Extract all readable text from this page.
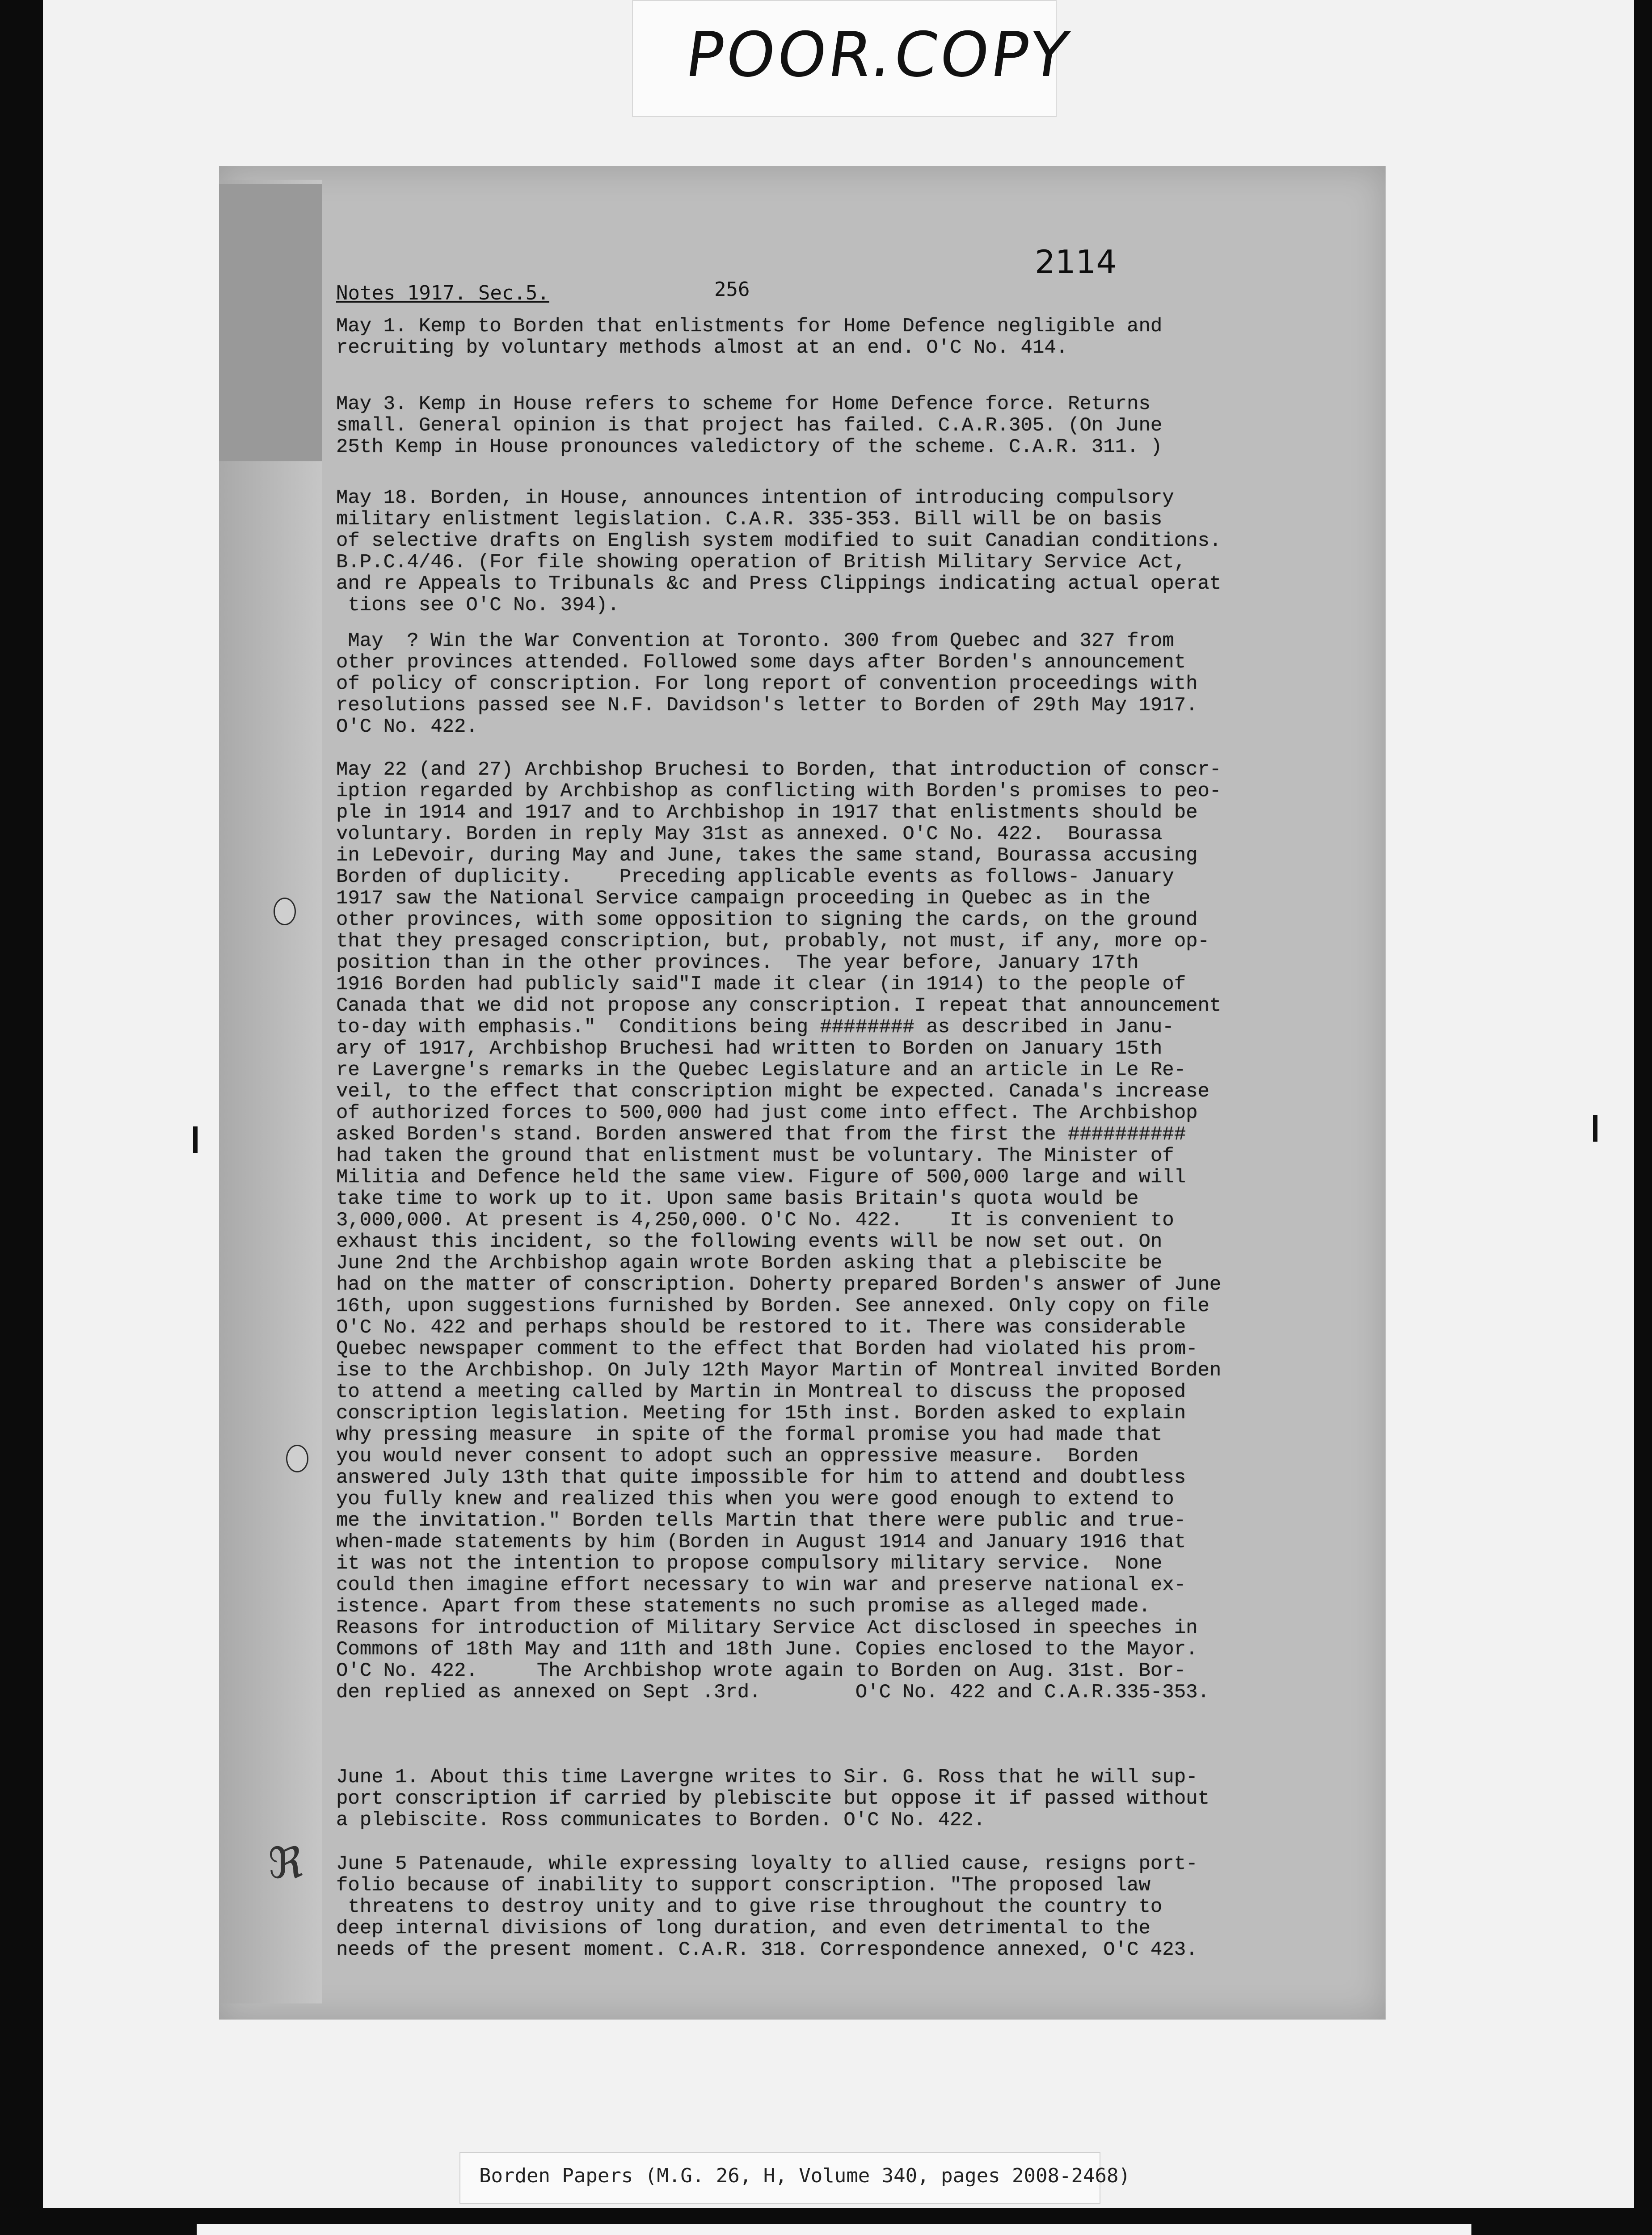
POOR.COPY
Notes 1917. Sec.5.	256
2114
May 1. Kemp to Borden that enlistments for Home Defence negligible and
recruiting by voluntary methods almost at an end. O'C No. 414.
May 3. Kemp in House refers to scheme for Home Defence force. Returns
small. General opinion is that project has failed. C.A.R.305. (On June
25th Kemp in House pronounces valedictory of the scheme. C.A.R. 311. )
May 18. Borden, in House, announces intention of introducing compulsory
military enlistment legislation. C.A.R. 335-353. Bill will be on basis
of selective drafts on English system modified to suit Canadian conditions.
B.P.C.4/46. (For file showing operation of British Military Service Act,
and re Appeals to Tribunals &c and Press Clippings indicating actual operat
tions see O'C No. 394).
May  ? Win the War Convention at Toronto. 300 from Quebec and 327 from
other provinces attended. Followed some days after Borden's announcement
of policy of conscription. For long report of convention proceedings with
resolutions passed see N.F. Davidson's letter to Borden of 29th May 1917.
O'C No. 422.
May 22 (and 27) Archbishop Bruchesi to Borden, that introduction of conscr-
iption regarded by Archbishop as conflicting with Borden's promises to peo-
ple in 1914 and 1917 and to Archbishop in 1917 that enlistments should be
voluntary. Borden in reply May 31st as annexed. O'C No. 422.  Bourassa
in LeDevoir, during May and June, takes the same stand, Bourassa accusing
Borden of duplicity.    Preceding applicable events as follows- January
1917 saw the National Service campaign proceeding in Quebec as in the
other provinces, with some opposition to signing the cards, on the ground
that they presaged conscription, but, probably, not must, if any, more op-
position than in the other provinces.  The year before, January 17th
1916 Borden had publicly said"I made it clear (in 1914) to the people of
Canada that we did not propose any conscription. I repeat that announcement
to-day with emphasis."  Conditions being ######## as described in Janu-
ary of 1917, Archbishop Bruchesi had written to Borden on January 15th
re Lavergne's remarks in the Quebec Legislature and an article in Le Re-
veil, to the effect that conscription might be expected. Canada's increase
of authorized forces to 500,000 had just come into effect. The Archbishop
asked Borden's stand. Borden answered that from the first the ##########
had taken the ground that enlistment must be voluntary. The Minister of
Militia and Defence held the same view. Figure of 500,000 large and will
take time to work up to it. Upon same basis Britain's quota would be
3,000,000. At present is 4,250,000. O'C No. 422.    It is convenient to
exhaust this incident, so the following events will be now set out. On
June 2nd the Archbishop again wrote Borden asking that a plebiscite be
had on the matter of conscription. Doherty prepared Borden's answer of June
16th, upon suggestions furnished by Borden. See annexed. Only copy on file
O'C No. 422 and perhaps should be restored to it. There was considerable
Quebec newspaper comment to the effect that Borden had violated his prom-
ise to the Archbishop. On July 12th Mayor Martin of Montreal invited Borden
to attend a meeting called by Martin in Montreal to discuss the proposed
conscription legislation. Meeting for 15th inst. Borden asked to explain
why pressing measure  in spite of the formal promise you had made that
you would never consent to adopt such an oppressive measure.  Borden
answered July 13th that quite impossible for him to attend and doubtless
you fully knew and realized this when you were good enough to extend to
me the invitation." Borden tells Martin that there were public and true-
when-made statements by him (Borden in August 1914 and January 1916 that
it was not the intention to propose compulsory military service.  None
could then imagine effort necessary to win war and preserve national ex-
istence. Apart from these statements no such promise as alleged made.
Reasons for introduction of Military Service Act disclosed in speeches in
Commons of 18th May and 11th and 18th June. Copies enclosed to the Mayor.
O'C No. 422.     The Archbishop wrote again to Borden on Aug. 31st. Bor-
den replied as annexed on Sept .3rd.        O'C No. 422 and C.A.R.335-353.
June 1. About this time Lavergne writes to Sir. G. Ross that he will sup-
port conscription if carried by plebiscite but oppose it if passed without
a plebiscite. Ross communicates to Borden. O'C No. 422.
June 5 Patenaude, while expressing loyalty to allied cause, resigns port-
folio because of inability to support conscription. "The proposed law
threatens to destroy unity and to give rise throughout the country to
deep internal divisions of long duration, and even detrimental to the
needs of the present moment. C.A.R. 318. Correspondence annexed, O'C 423.
ℜ
Borden Papers (M.G. 26, H, Volume 340, pages 2008-2468)
